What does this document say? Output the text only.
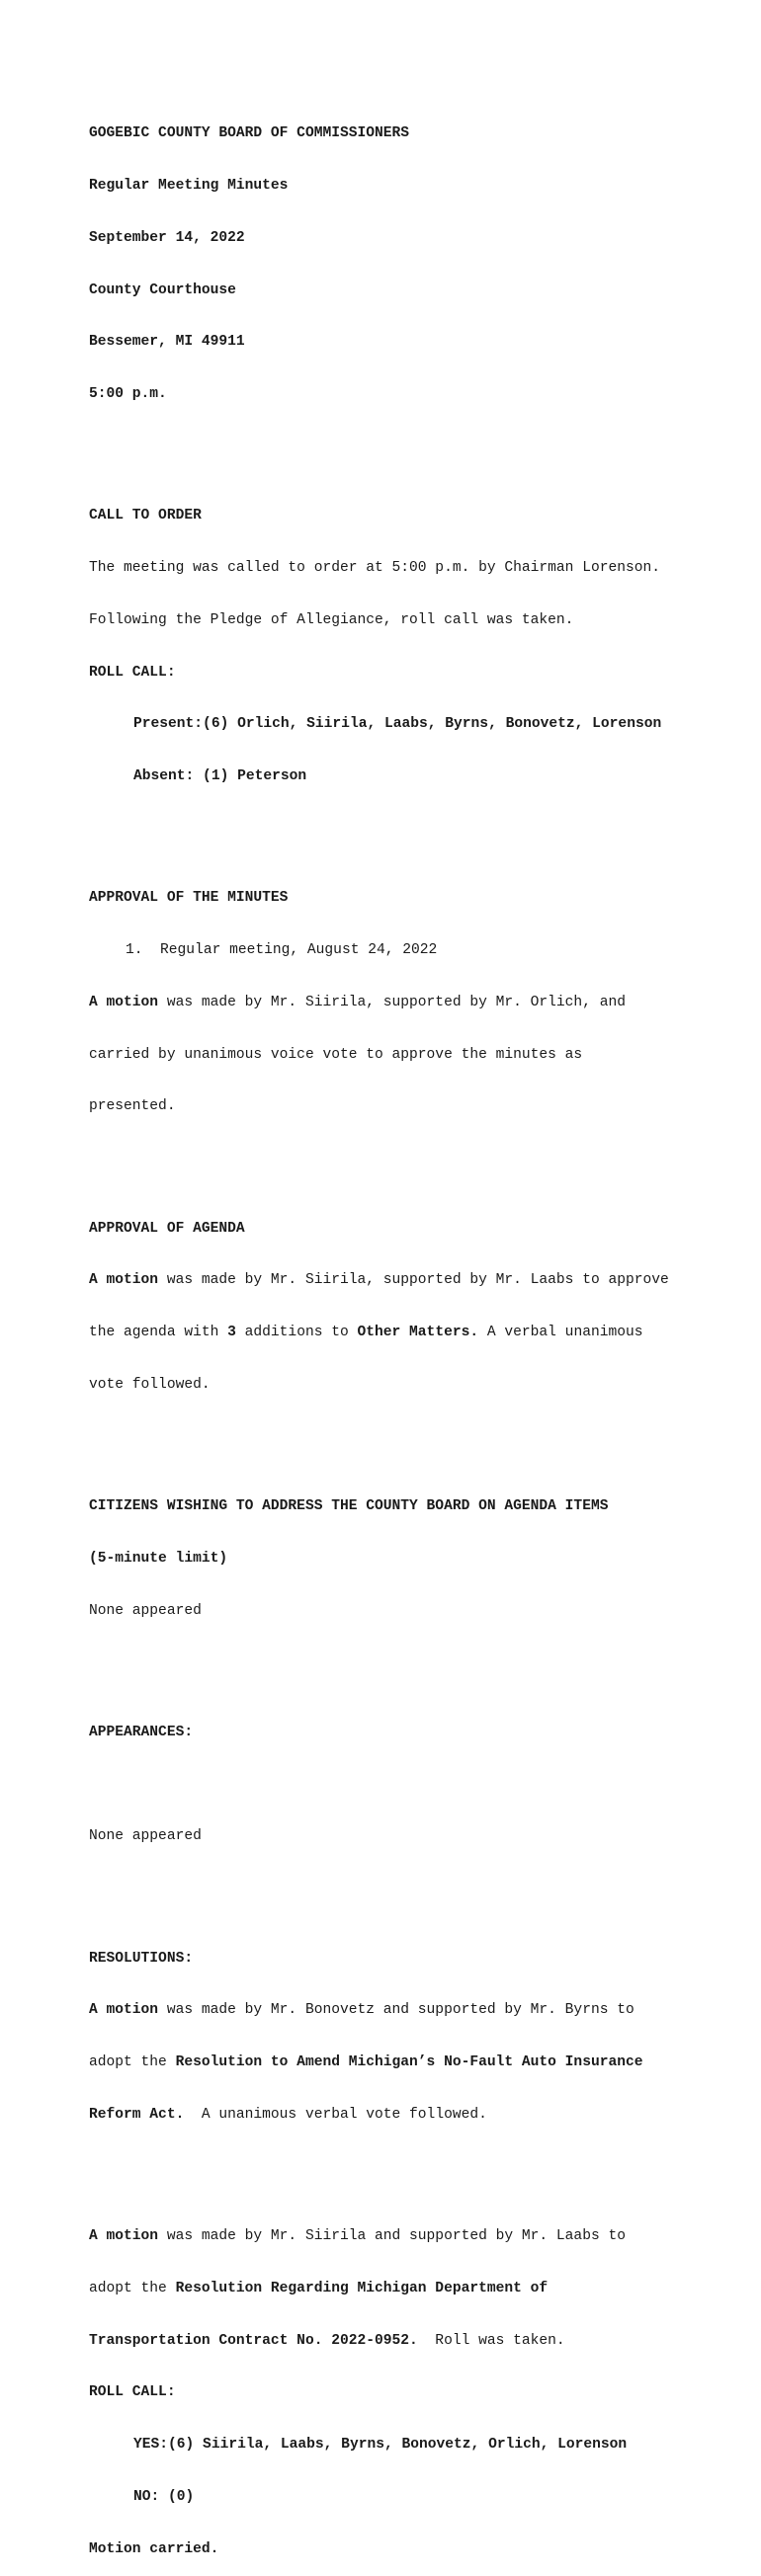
GOGEBIC COUNTY BOARD OF COMMISSIONERS

Regular Meeting Minutes

September 14, 2022

County Courthouse

Bessemer, MI 49911

5:00 p.m.

CALL TO ORDER

The meeting was called to order at 5:00 p.m. by Chairman Lorenson.

Following the Pledge of Allegiance, roll call was taken.

ROLL CALL:

Present:(6) Orlich, Siirila, Laabs, Byrns, Bonovetz, Lorenson

Absent: (1) Peterson

APPROVAL OF THE MINUTES

1. Regular meeting, August 24, 2022

A motion was made by Mr. Siirila, supported by Mr. Orlich, and

carried by unanimous voice vote to approve the minutes as

presented.

APPROVAL OF AGENDA

A motion was made by Mr. Siirila, supported by Mr. Laabs to approve

the agenda with 3 additions to Other Matters. A verbal unanimous

vote followed.

CITIZENS WISHING TO ADDRESS THE COUNTY BOARD ON AGENDA ITEMS

(5-minute limit)

None appeared

APPEARANCES:

None appeared

RESOLUTIONS:

A motion was made by Mr. Bonovetz and supported by Mr. Byrns to

adopt the Resolution to Amend Michigan’s No-Fault Auto Insurance

Reform Act.  A unanimous verbal vote followed.

A motion was made by Mr. Siirila and supported by Mr. Laabs to

adopt the Resolution Regarding Michigan Department of

Transportation Contract No. 2022-0952.  Roll was taken.

ROLL CALL:

YES:(6) Siirila, Laabs, Byrns, Bonovetz, Orlich, Lorenson

NO: (0)

Motion carried.
